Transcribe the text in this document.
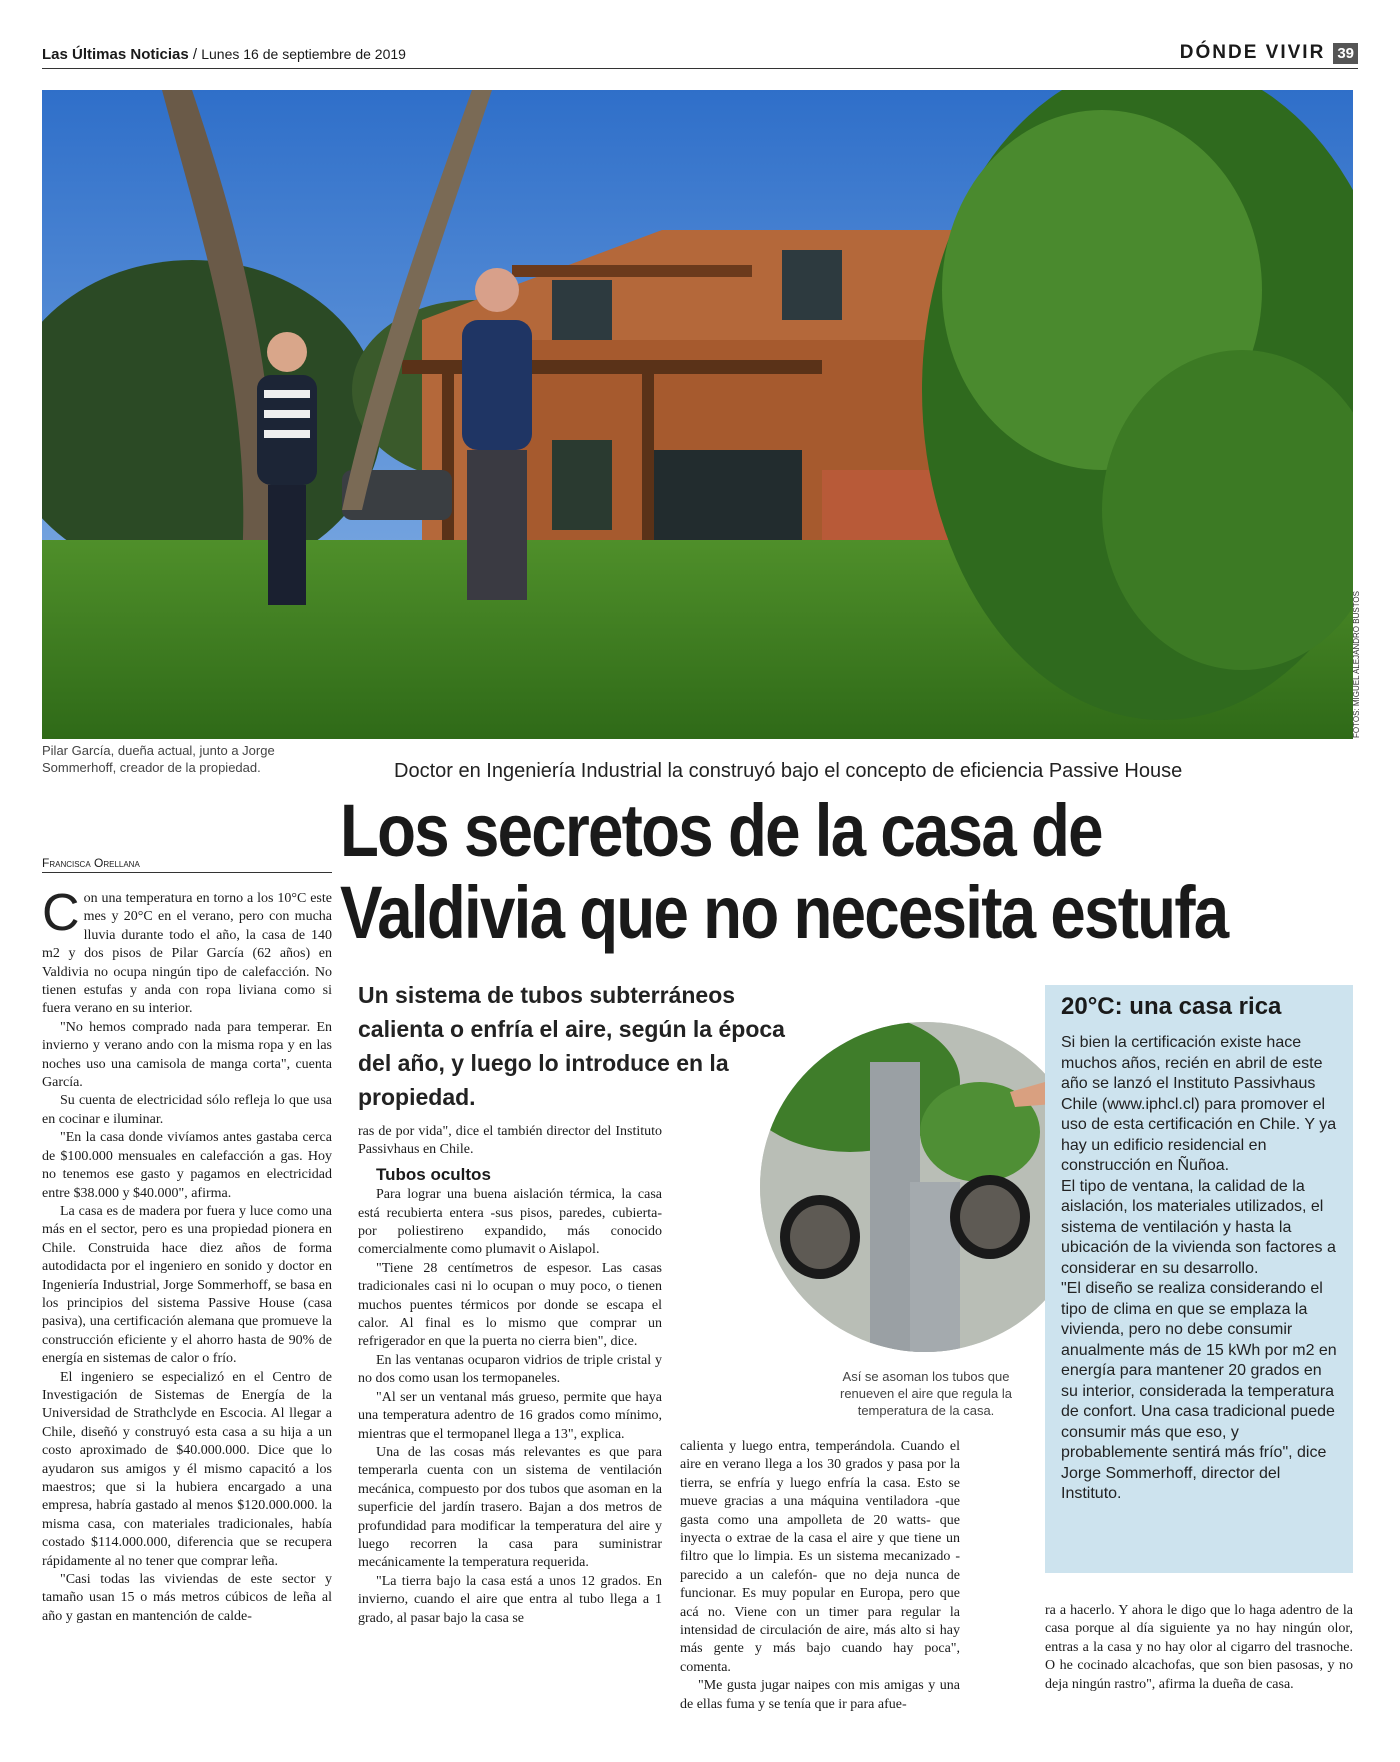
Las Últimas Noticias / Lunes 16 de septiembre de 2019	DÓNDE VIVIR 39
FOTOS: MIGUEL ALEJANDRO BUSTOS
Pilar García, dueña actual, junto a Jorge Sommerhoff, creador de la propiedad.	Doctor en Ingeniería Industrial la construyó bajo el concepto de eficiencia Passive House
Los secretos de la casa de
Valdivia que no necesita estufa
Francisca Orellana

Con una temperatura en torno a los 10°C este mes y 20°C en el verano, pero con mucha lluvia durante todo el año, la casa de 140 m2 y dos pisos de Pilar García (62 años) en Valdivia no ocupa ningún tipo de calefacción. No tienen estufas y anda con ropa liviana como si fuera verano en su interior.

"No hemos comprado nada para temperar. En invierno y verano ando con la misma ropa y en las noches uso una camisola de manga corta", cuenta García.

Su cuenta de electricidad sólo refleja lo que usa en cocinar e iluminar.

"En la casa donde vivíamos antes gastaba cerca de $100.000 mensuales en calefacción a gas. Hoy no tenemos ese gasto y pagamos en electricidad entre $38.000 y $40.000", afirma.

La casa es de madera por fuera y luce como una más en el sector, pero es una propiedad pionera en Chile. Construida hace diez años de forma autodidacta por el ingeniero en sonido y doctor en Ingeniería Industrial, Jorge Sommerhoff, se basa en los principios del sistema Passive House (casa pasiva), una certificación alemana que promueve la construcción eficiente y el ahorro hasta de 90% de energía en sistemas de calor o frío.

El ingeniero se especializó en el Centro de Investigación de Sistemas de Energía de la Universidad de Strathclyde en Escocia. Al llegar a Chile, diseñó y construyó esta casa a su hija a un costo aproximado de $40.000.000. Dice que lo ayudaron sus amigos y él mismo capacitó a los maestros; que si la hubiera encargado a una empresa, habría gastado al menos $120.000.000. la misma casa, con materiales tradicionales, había costado $114.000.000, diferencia que se recupera rápidamente al no tener que comprar leña.

"Casi todas las viviendas de este sector y tamaño usan 15 o más metros cúbicos de leña al año y gastan en mantención de calde-

Un sistema de tubos subterráneos calienta o enfría el aire, según la época del año, y luego lo introduce en la propiedad.

ras de por vida", dice el también director del Instituto Passivhaus en Chile.

Tubos ocultos

Para lograr una buena aislación térmica, la casa está recubierta entera -sus pisos, paredes, cubierta- por poliestireno expandido, más conocido comercialmente como plumavit o Aislapol.

"Tiene 28 centímetros de espesor. Las casas tradicionales casi ni lo ocupan o muy poco, o tienen muchos puentes térmicos por donde se escapa el calor. Al final es lo mismo que comprar un refrigerador en que la puerta no cierra bien", dice.

En las ventanas ocuparon vidrios de triple cristal y no dos como usan los termopaneles.

"Al ser un ventanal más grueso, permite que haya una temperatura adentro de 16 grados como mínimo, mientras que el termopanel llega a 13", explica.

Una de las cosas más relevantes es que para temperarla cuenta con un sistema de ventilación mecánica, compuesto por dos tubos que asoman en la superficie del jardín trasero. Bajan a dos metros de profundidad para modificar la temperatura del aire y luego recorren la casa para suministrar mecánicamente la temperatura requerida.

"La tierra bajo la casa está a unos 12 grados. En invierno, cuando el aire que entra al tubo llega a 1 grado, al pasar bajo la casa se

Así se asoman los tubos que renueven el aire que regula la temperatura de la casa.

calienta y luego entra, temperándola. Cuando el aire en verano llega a los 30 grados y pasa por la tierra, se enfría y luego enfría la casa. Esto se mueve gracias a una máquina ventiladora -que gasta como una ampolleta de 20 watts- que inyecta o extrae de la casa el aire y que tiene un filtro que lo limpia. Es un sistema mecanizado -parecido a un calefón- que no deja nunca de funcionar. Es muy popular en Europa, pero que acá no. Viene con un timer para regular la intensidad de circulación de aire, más alto si hay más gente y más bajo cuando hay poca", comenta.

"Me gusta jugar naipes con mis amigas y una de ellas fuma y se tenía que ir para afue-

20°C: una casa rica

Si bien la certificación existe hace muchos años, recién en abril de este año se lanzó el Instituto Passivhaus Chile (www.iphcl.cl) para promover el uso de esta certificación en Chile. Y ya hay un edificio residencial en construcción en Ñuñoa.

El tipo de ventana, la calidad de la aislación, los materiales utilizados, el sistema de ventilación y hasta la ubicación de la vivienda son factores a considerar en su desarrollo.

"El diseño se realiza considerando el tipo de clima en que se emplaza la vivienda, pero no debe consumir anualmente más de 15 kWh por m2 en energía para mantener 20 grados en su interior, considerada la temperatura de confort. Una casa tradicional puede consumir más que eso, y probablemente sentirá más frío", dice Jorge Sommerhoff, director del Instituto.

ra a hacerlo. Y ahora le digo que lo haga adentro de la casa porque al día siguiente ya no hay ningún olor, entras a la casa y no hay olor al cigarro del trasnoche. O he cocinado alcachofas, que son bien pasosas, y no deja ningún rastro", afirma la dueña de casa.
